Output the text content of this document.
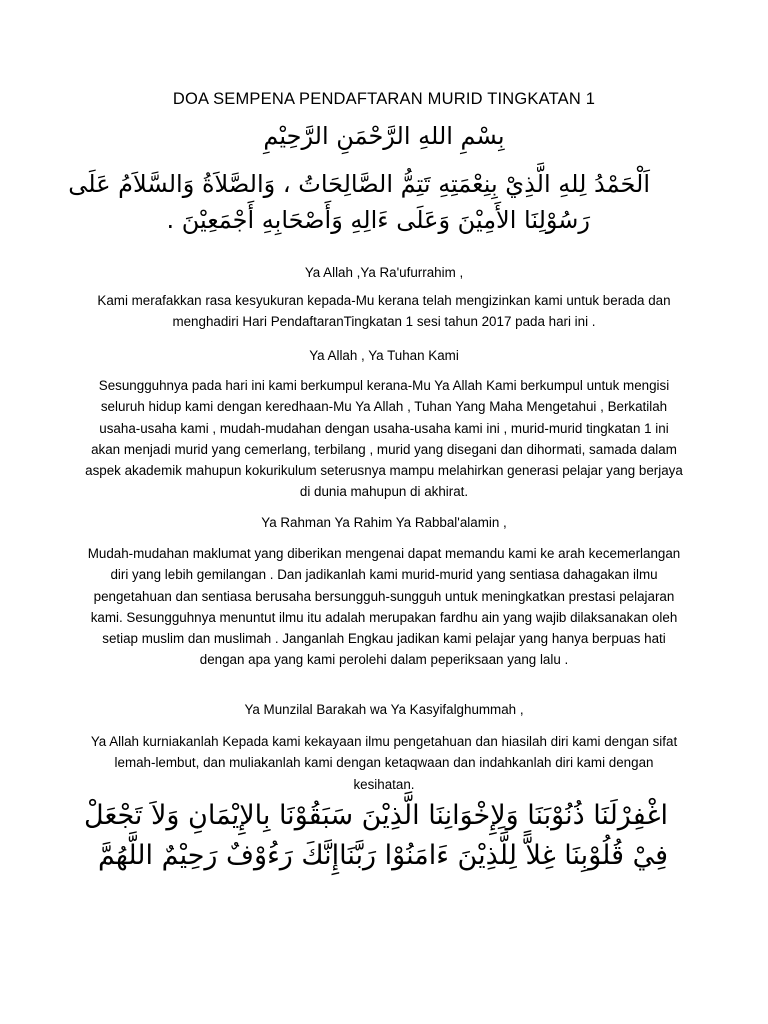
DOA SEMPENA PENDAFTARAN MURID TINGKATAN 1
بِسْمِ اللهِ الرَّحْمَنِ الرَّحِيْمِ
اَلْحَمْدُ لِلهِ الَّذِيْ بِنِعْمَتِهِ تَتِمُّ الصَّالِحَاتُ ، وَالصَّلاَةُ وَالسَّلاَمُ عَلَى
رَسُوْلِنَا الأَمِيْنَ وَعَلَى ءَالِهِ وَأَصْحَابِهِ أَجْمَعِيْنَ .
Ya Allah ,Ya Ra'ufurrahim ,
Kami merafakkan rasa kesyukuran kepada-Mu kerana telah mengizinkan kami untuk berada dan menghadiri Hari PendaftaranTingkatan 1 sesi tahun 2017 pada hari ini .
Ya Allah , Ya Tuhan Kami
Sesungguhnya pada hari ini kami berkumpul kerana-Mu Ya Allah Kami berkumpul untuk mengisi seluruh hidup kami dengan keredhaan-Mu Ya Allah , Tuhan Yang Maha Mengetahui , Berkatilah usaha-usaha kami , mudah-mudahan dengan usaha-usaha kami ini , murid-murid tingkatan 1 ini akan menjadi murid yang cemerlang, terbilang , murid yang disegani dan dihormati, samada dalam aspek akademik mahupun kokurikulum seterusnya mampu melahirkan generasi pelajar yang berjaya di dunia mahupun di akhirat.
Ya Rahman Ya Rahim Ya Rabbal'alamin ,
Mudah-mudahan maklumat yang diberikan mengenai dapat memandu kami ke arah kecemerlangan diri yang lebih gemilangan . Dan jadikanlah kami murid-murid yang sentiasa dahagakan ilmu pengetahuan dan sentiasa berusaha bersungguh-sungguh untuk meningkatkan prestasi pelajaran kami. Sesungguhnya menuntut ilmu itu adalah merupakan fardhu ain yang wajib dilaksanakan oleh setiap muslim dan muslimah . Janganlah Engkau jadikan kami pelajar yang hanya berpuas hati dengan apa yang kami perolehi dalam peperiksaan yang lalu .
Ya Munzilal Barakah wa Ya Kasyifalghummah ,
Ya Allah kurniakanlah Kepada kami kekayaan ilmu pengetahuan dan hiasilah diri kami dengan sifat lemah-lembut, dan muliakanlah kami dengan ketaqwaan dan indahkanlah diri kami dengan kesihatan.
اغْفِرْلَنَا ذُنُوْبَنَا وَلِإِخْوَانِنَا الَّذِيْنَ سَبَقُوْنَا بِالإِيْمَانِ وَلاَ تَجْعَلْ
فِيْ قُلُوْبِنَا غِلاًّ لِلَّذِيْنَ ءَامَنُوْا رَبَّنَاإِنَّكَ رَءُوْفٌ رَحِيْمٌ اللَّهُمَّ
